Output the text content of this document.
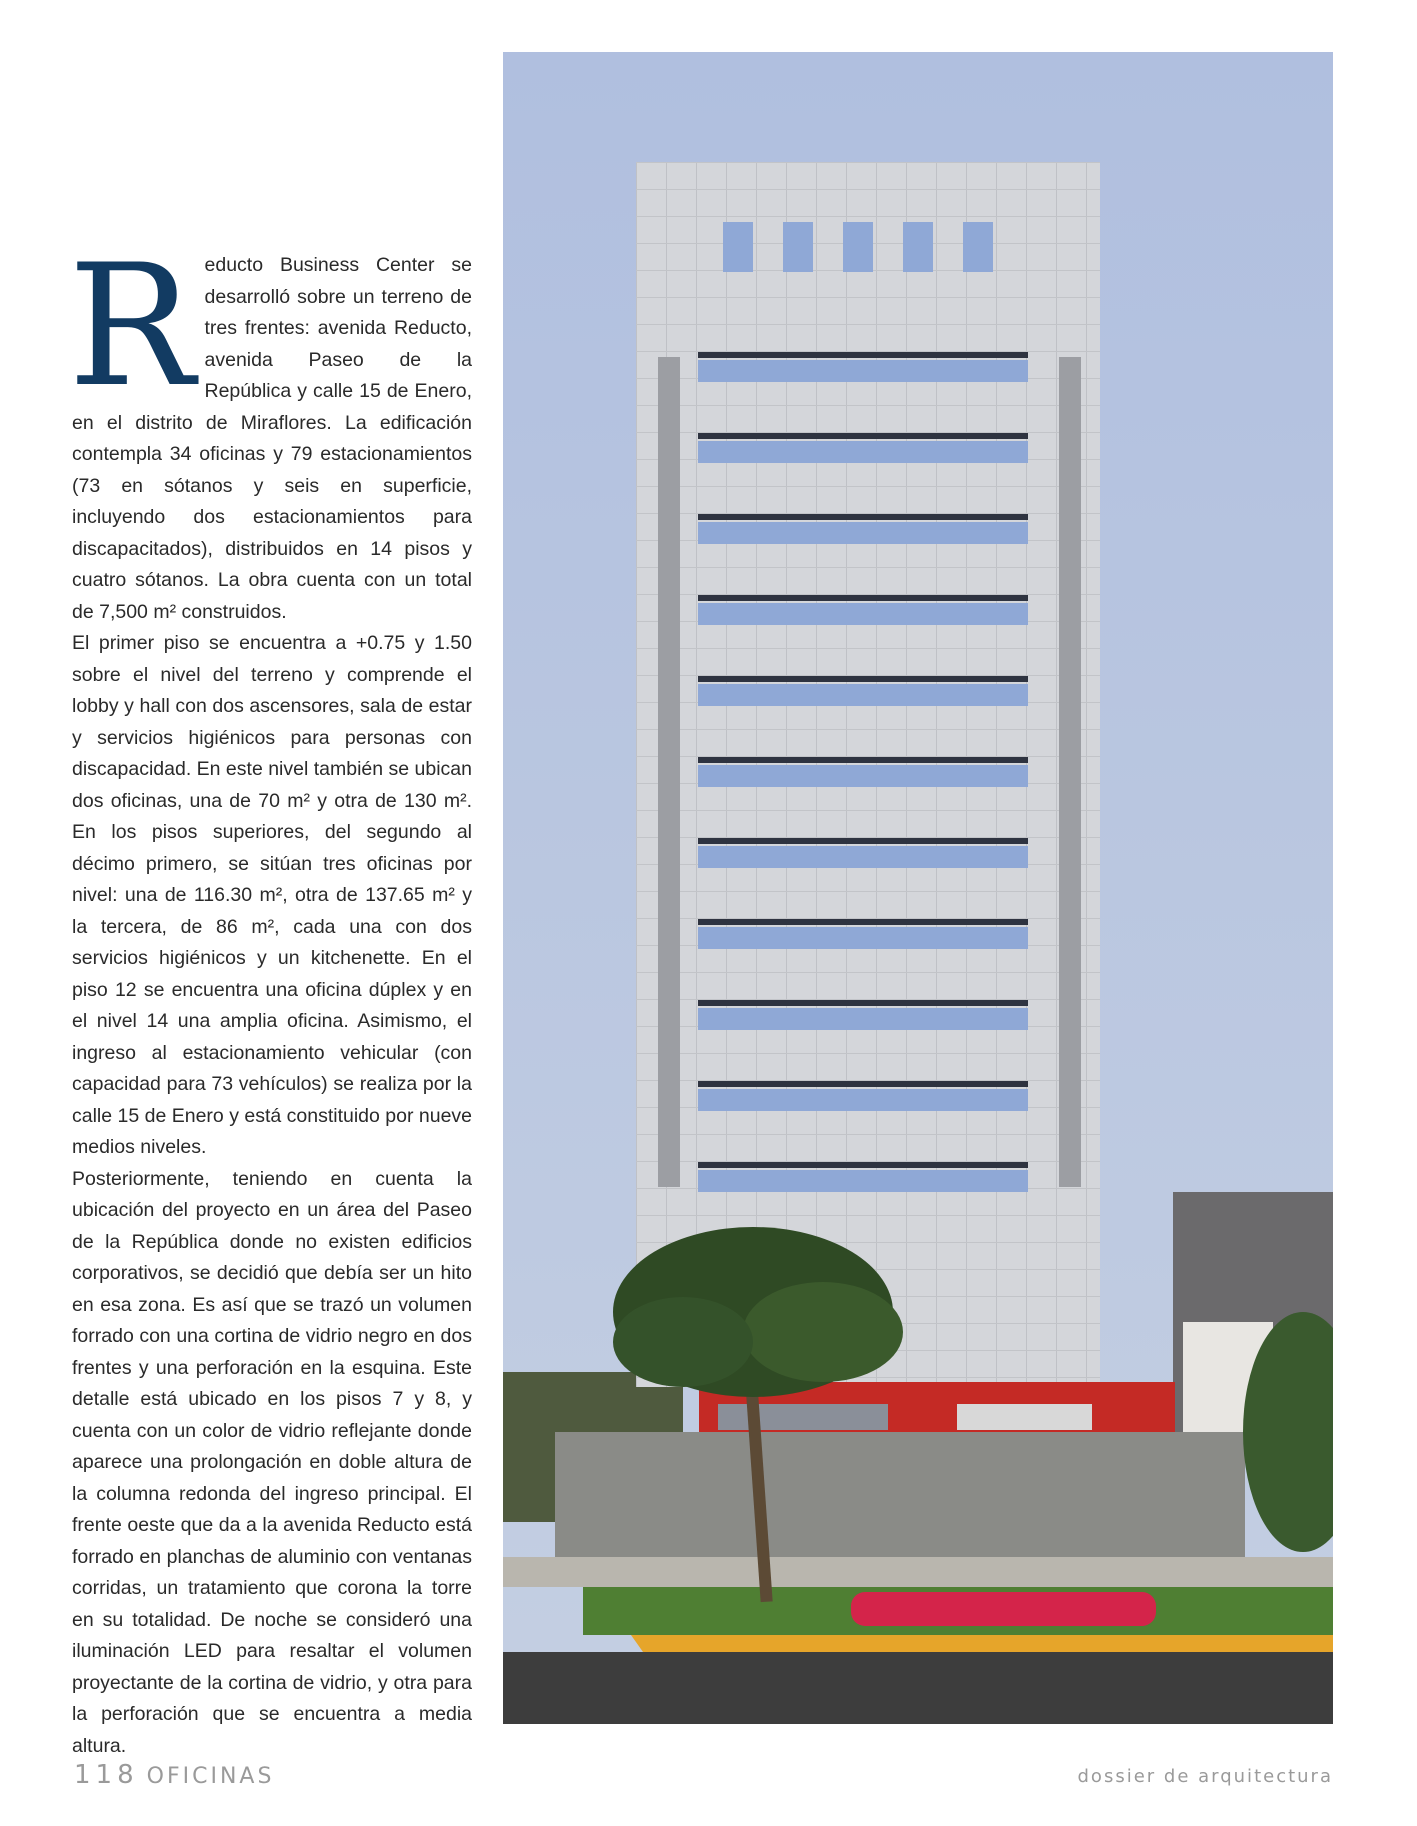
R educto Business Center se desarrolló sobre un terreno de tres frentes: avenida Reducto, avenida Paseo de la República y calle 15 de Enero, en el distrito de Miraflores. La edificación contempla 34 oficinas y 79 estacionamientos (73 en sótanos y seis en superficie, incluyendo dos estacionamientos para discapacitados), distribuidos en 14 pisos y cuatro sótanos. La obra cuenta con un total de 7,500 m² construidos.

El primer piso se encuentra a +0.75 y 1.50 sobre el nivel del terreno y comprende el lobby y hall con dos ascensores, sala de estar y servicios higiénicos para personas con discapacidad. En este nivel también se ubican dos oficinas, una de 70 m² y otra de 130 m². En los pisos superiores, del segundo al décimo primero, se sitúan tres oficinas por nivel: una de 116.30 m², otra de 137.65 m² y la tercera, de 86 m², cada una con dos servicios higiénicos y un kitchenette. En el piso 12 se encuentra una oficina dúplex y en el nivel 14 una amplia oficina. Asimismo, el ingreso al estacionamiento vehicular (con capacidad para 73 vehículos) se realiza por la calle 15 de Enero y está constituido por nueve medios niveles.

Posteriormente, teniendo en cuenta la ubicación del proyecto en un área del Paseo de la República donde no existen edificios corporativos, se decidió que debía ser un hito en esa zona. Es así que se trazó un volumen forrado con una cortina de vidrio negro en dos frentes y una perforación en la esquina. Este detalle está ubicado en los pisos 7 y 8, y cuenta con un color de vidrio reflejante donde aparece una prolongación en doble altura de la columna redonda del ingreso principal. El frente oeste que da a la avenida Reducto está forrado en planchas de aluminio con ventanas corridas, un tratamiento que corona la torre en su totalidad. De noche se consideró una iluminación LED para resaltar el volumen proyectante de la cortina de vidrio, y otra para la perforación que se encuentra a media altura.

118 OFICINAS	dossier de arquitectura
